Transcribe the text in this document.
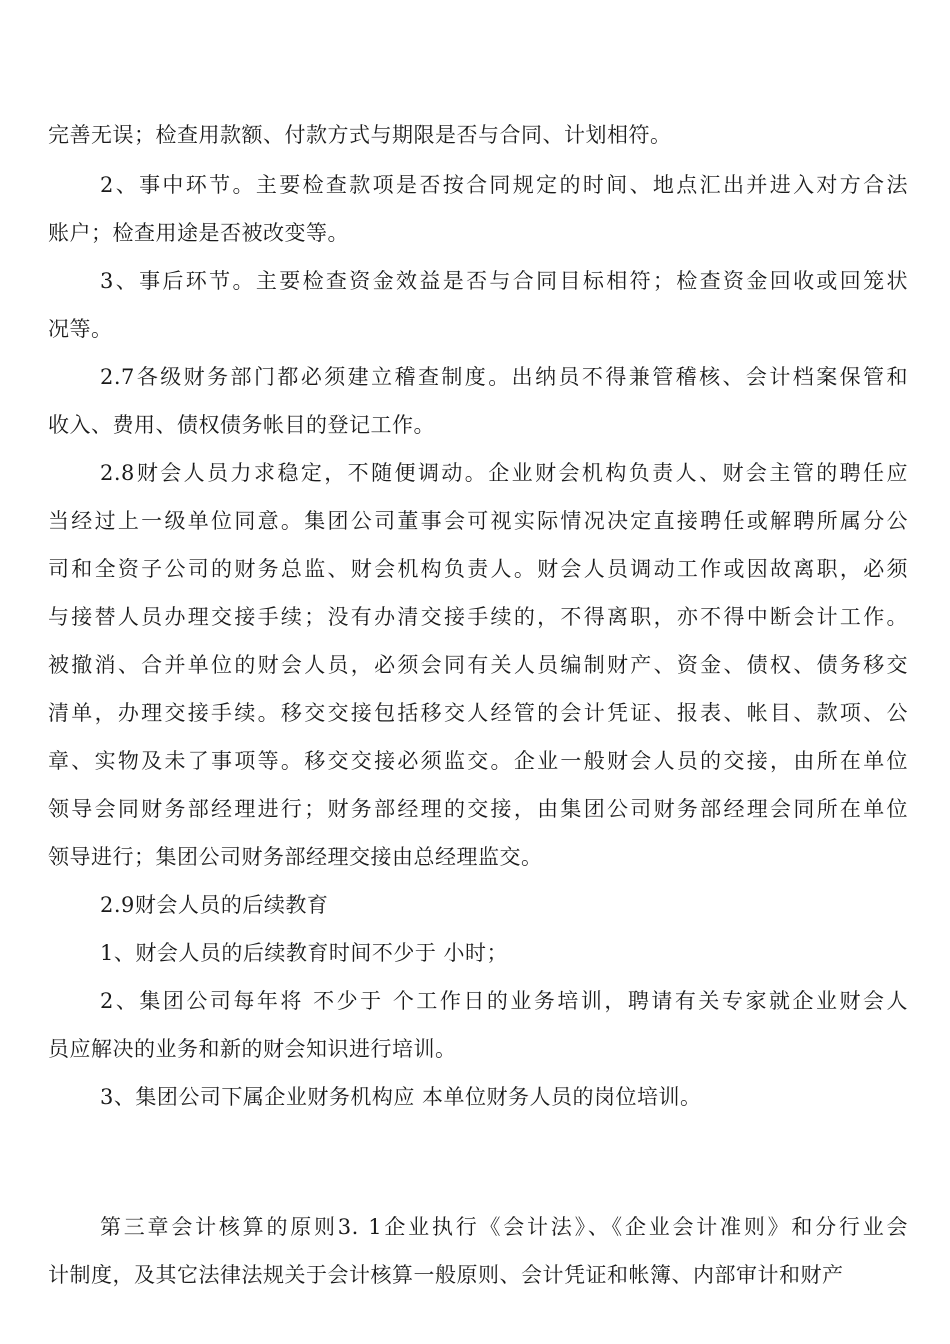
完善无误；检查用款额、付款方式与期限是否与合同、计划相符。
2、事中环节。主要检查款项是否按合同规定的时间、地点汇出并进入对方合法
账户；检查用途是否被改变等。
3、事后环节。主要检查资金效益是否与合同目标相符；检查资金回收或回笼状
况等。
2.7各级财务部门都必须建立稽查制度。出纳员不得兼管稽核、会计档案保管和
收入、费用、债权债务帐目的登记工作。
2.8财会人员力求稳定，不随便调动。企业财会机构负责人、财会主管的聘任应
当经过上一级单位同意。集团公司董事会可视实际情况决定直接聘任或解聘所属分公
司和全资子公司的财务总监、财会机构负责人。财会人员调动工作或因故离职，必须
与接替人员办理交接手续；没有办清交接手续的，不得离职，亦不得中断会计工作。
被撤消、合并单位的财会人员，必须会同有关人员编制财产、资金、债权、债务移交
清单，办理交接手续。移交交接包括移交人经管的会计凭证、报表、帐目、款项、公
章、实物及未了事项等。移交交接必须监交。企业一般财会人员的交接，由所在单位
领导会同财务部经理进行；财务部经理的交接，由集团公司财务部经理会同所在单位
领导进行；集团公司财务部经理交接由总经理监交。
2.9财会人员的后续教育
1、财会人员的后续教育时间不少于 小时；
2、集团公司每年将 不少于 个工作日的业务培训，聘请有关专家就企业财会人
员应解决的业务和新的财会知识进行培训。
3、集团公司下属企业财务机构应 本单位财务人员的岗位培训。
第三章会计核算的原则3. 1企业执行《会计法》、《企业会计准则》和分行业会
计制度，及其它法律法规关于会计核算一般原则、会计凭证和帐簿、内部审计和财产
